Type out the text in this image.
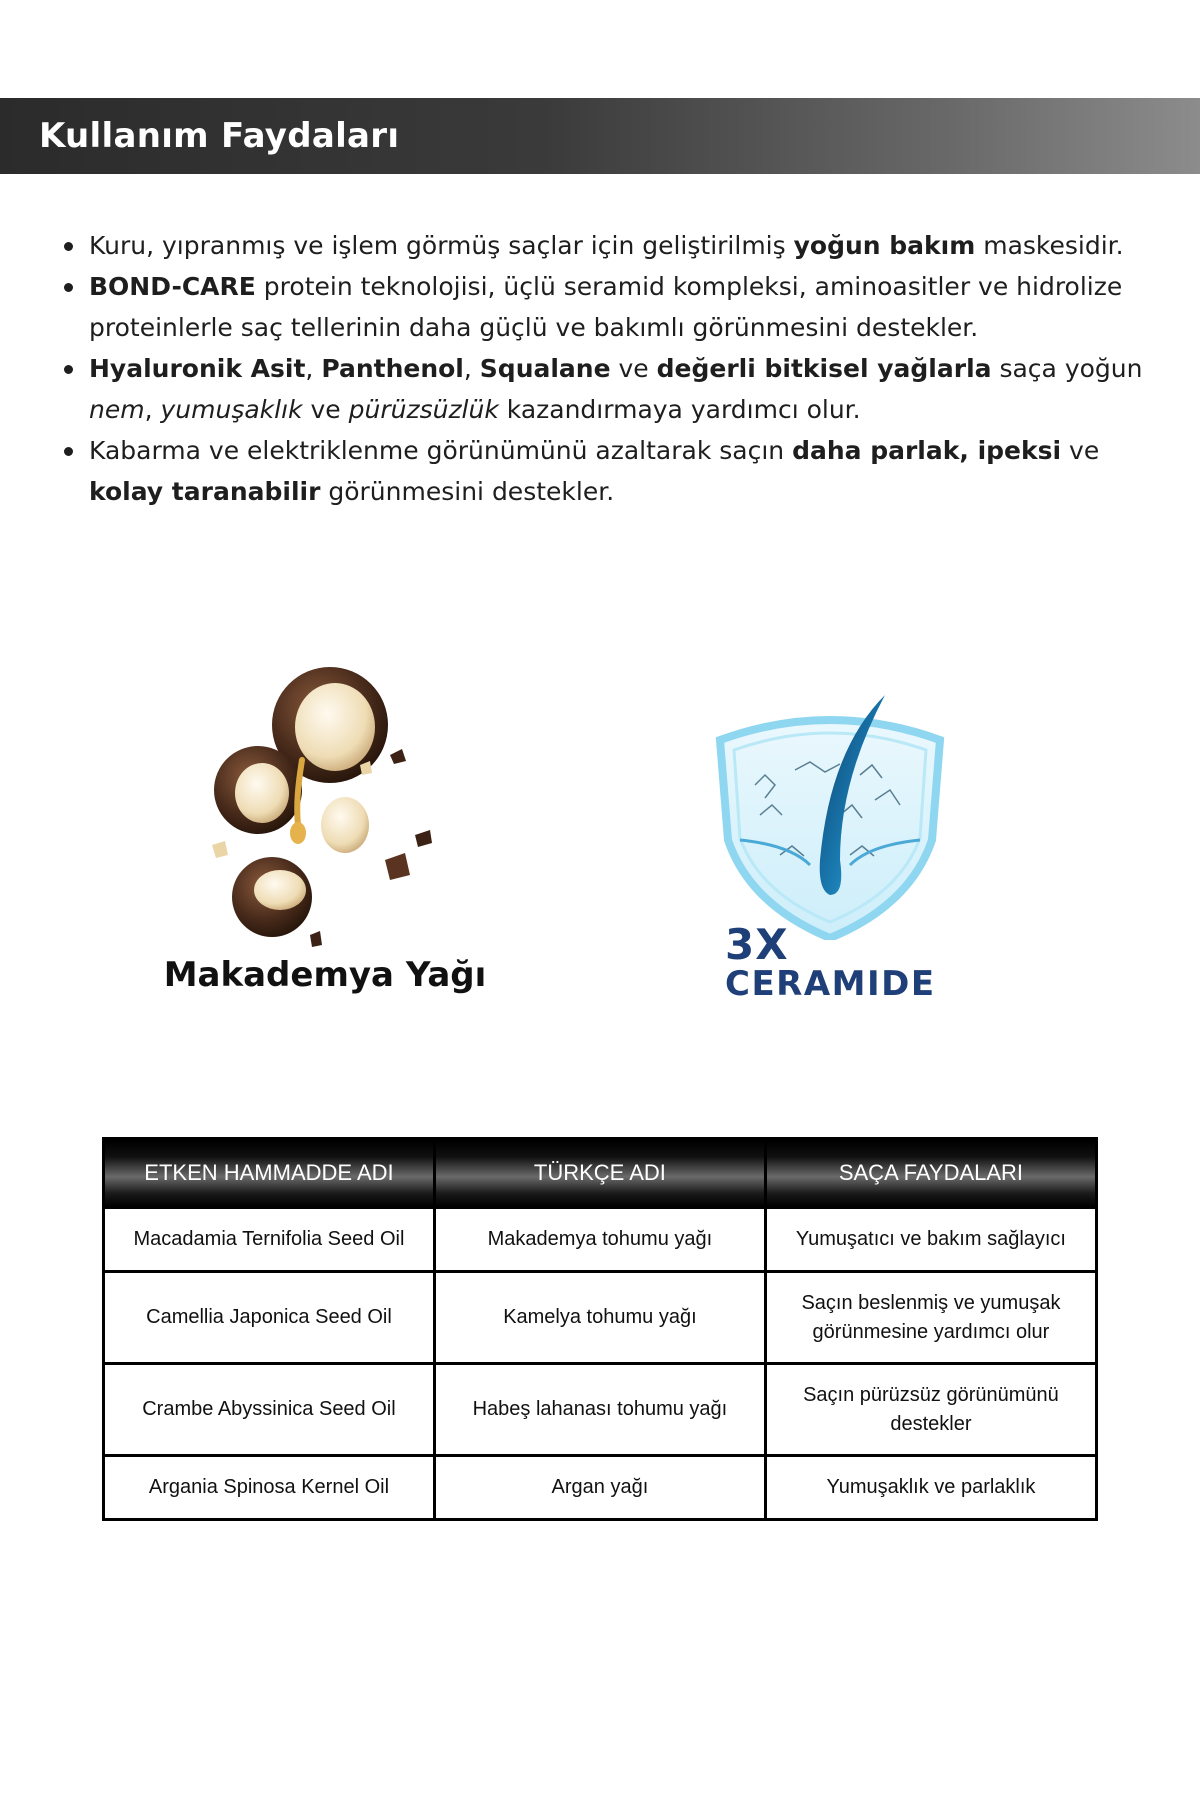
Kullanım Faydaları
Kuru, yıpranmış ve işlem görmüş saçlar için geliştirilmiş yoğun bakım maskesidir.
BOND-CARE protein teknolojisi, üçlü seramid kompleksi, aminoasitler ve hidrolize proteinlerle saç tellerinin daha güçlü ve bakımlı görünmesini destekler.
Hyaluronik Asit, Panthenol, Squalane ve değerli bitkisel yağlarla saça yoğun nem, yumuşaklık ve pürüzsüzlük kazandırmaya yardımcı olur.
Kabarma ve elektriklenme görünümünü azaltarak saçın daha parlak, ipeksi ve kolay taranabilir görünmesini destekler.
Makademya Yağı
3X
CERAMIDE
ETKEN HAMMADDE ADI	TÜRKÇE ADI	SAÇA FAYDALARI
Macadamia Ternifolia Seed Oil	Makademya tohumu yağı	Yumuşatıcı ve bakım sağlayıcı
Camellia Japonica Seed Oil	Kamelya tohumu yağı	Saçın beslenmiş ve yumuşak görünmesine yardımcı olur
Crambe Abyssinica Seed Oil	Habeş lahanası tohumu yağı	Saçın pürüzsüz görünümünü destekler
Argania Spinosa Kernel Oil	Argan yağı	Yumuşaklık ve parlaklık
